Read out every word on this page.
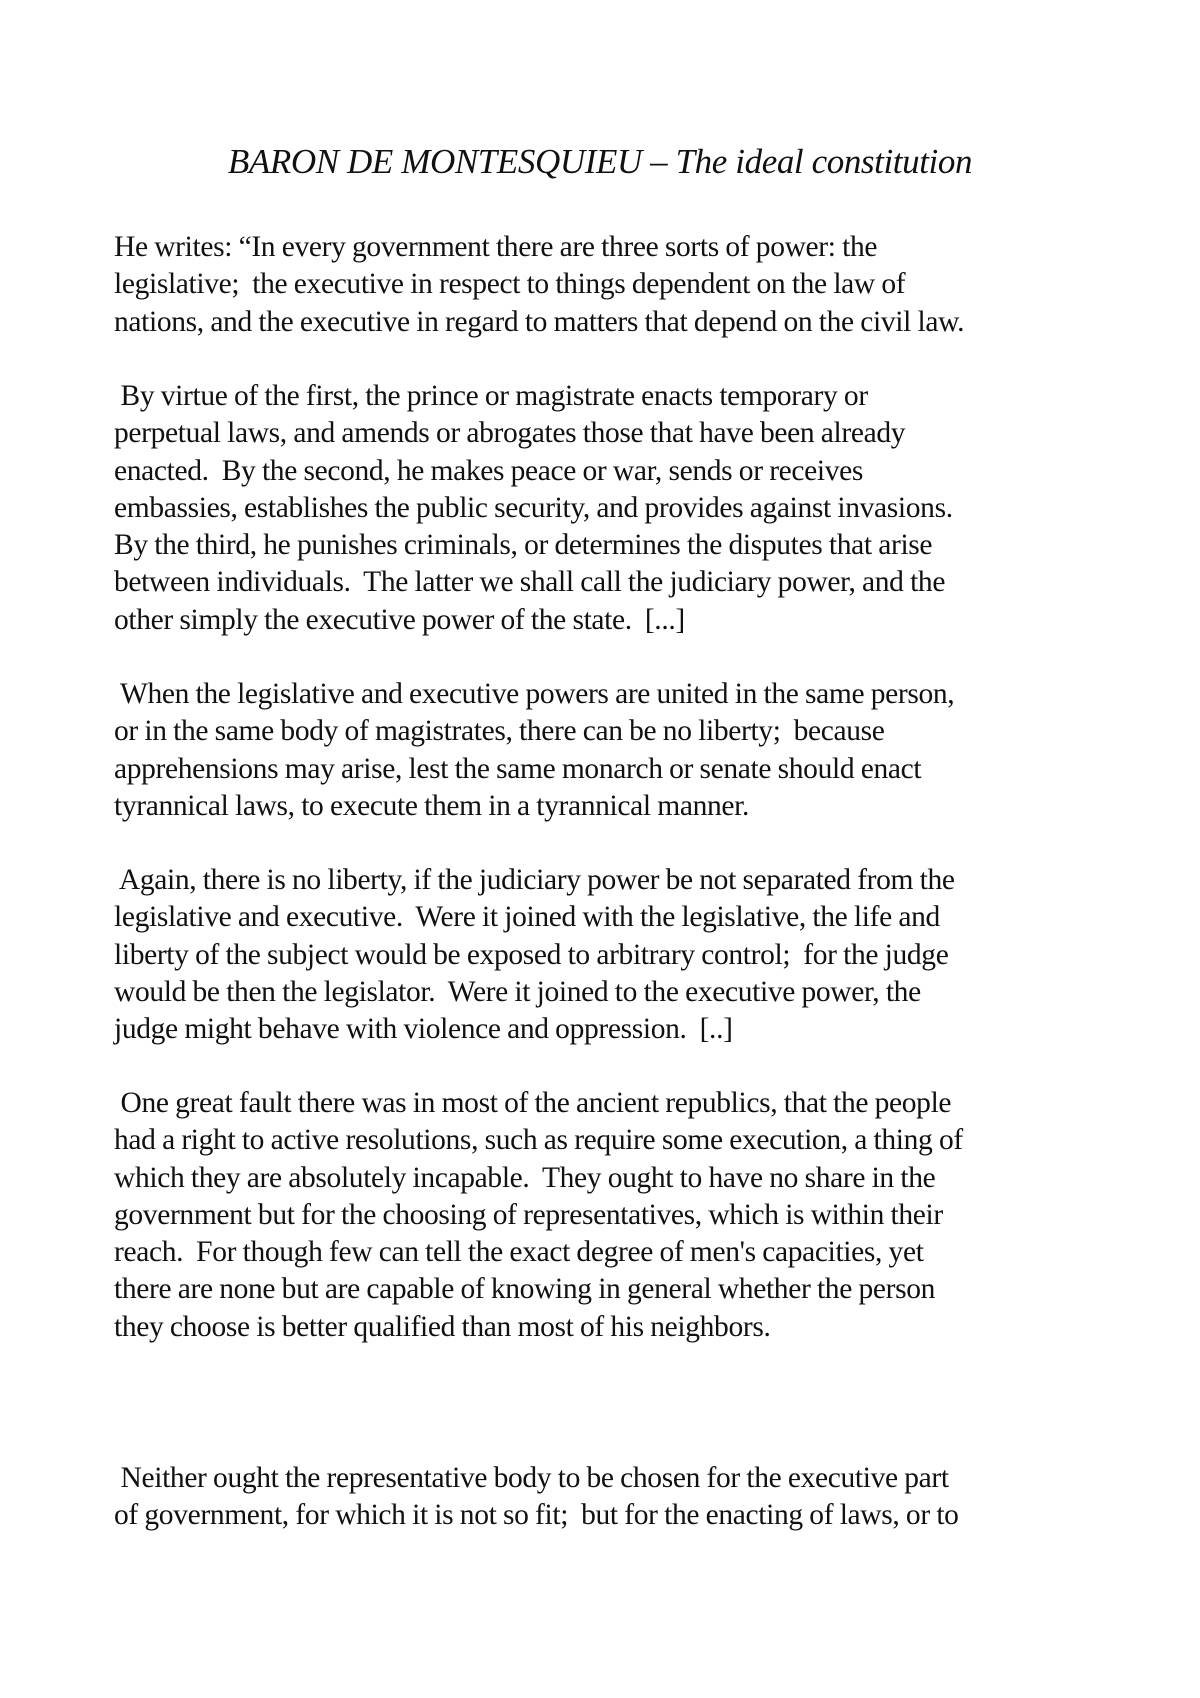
BARON DE MONTESQUIEU – The ideal constitution

He writes: “In every government there are three sorts of power: the
legislative;  the executive in respect to things dependent on the law of
nations, and the executive in regard to matters that depend on the civil law.

By virtue of the first, the prince or magistrate enacts temporary or
perpetual laws, and amends or abrogates those that have been already
enacted.  By the second, he makes peace or war, sends or receives
embassies, establishes the public security, and provides against invasions.
By the third, he punishes criminals, or determines the disputes that arise
between individuals.  The latter we shall call the judiciary power, and the
other simply the executive power of the state.  [...]

When the legislative and executive powers are united in the same person,
or in the same body of magistrates, there can be no liberty;  because
apprehensions may arise, lest the same monarch or senate should enact
tyrannical laws, to execute them in a tyrannical manner.

Again, there is no liberty, if the judiciary power be not separated from the
legislative and executive.  Were it joined with the legislative, the life and
liberty of the subject would be exposed to arbitrary control;  for the judge
would be then the legislator.  Were it joined to the executive power, the
judge might behave with violence and oppression.  [..]

One great fault there was in most of the ancient republics, that the people
had a right to active resolutions, such as require some execution, a thing of
which they are absolutely incapable.  They ought to have no share in the
government but for the choosing of representatives, which is within their
reach.  For though few can tell the exact degree of men's capacities, yet
there are none but are capable of knowing in general whether the person
they choose is better qualified than most of his neighbors.

Neither ought the representative body to be chosen for the executive part
of government, for which it is not so fit;  but for the enacting of laws, or to
